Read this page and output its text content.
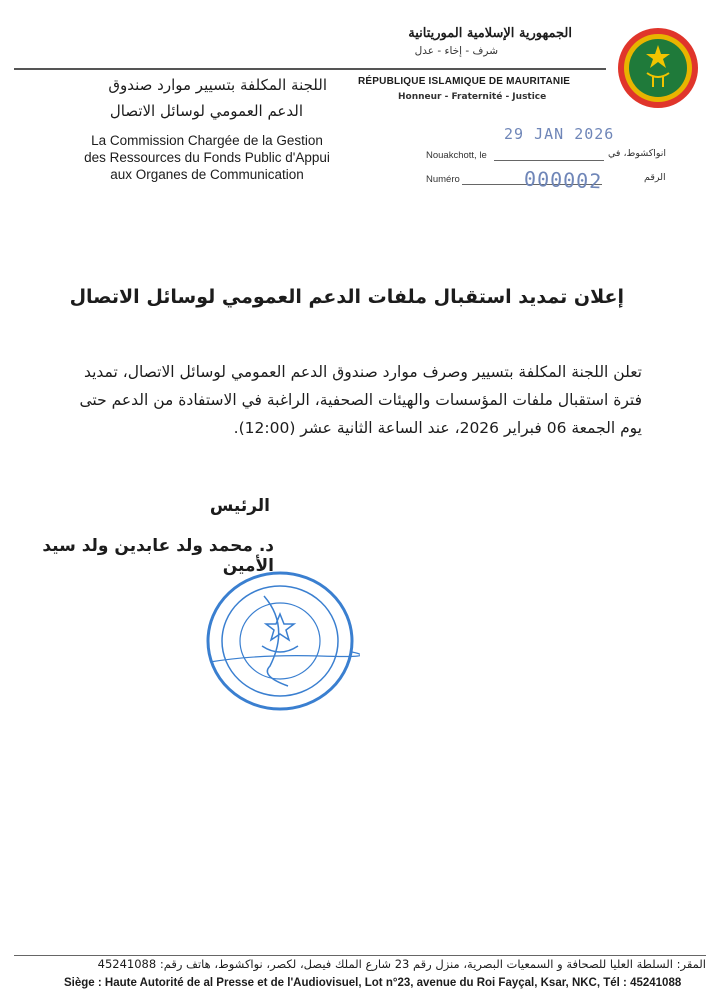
الجمهورية الإسلامية الموريتانية
شرف - إخاء - عدل
RÉPUBLIQUE ISLAMIQUE DE MAURITANIE
Honneur - Fraternité - Justice
اللجنة المكلفة بتسيير موارد صندوق
الدعم العمومي لوسائل الاتصال
La Commission Chargée de la Gestion
des Ressources du Fonds Public d'Appui
aux Organes de Communication
Nouakchott, le	انواكشوط، في
29 JAN 2026
Numéro	الرقم
000002
إعلان تمديد استقبال ملفات الدعم العمومي لوسائل الاتصال
تعلن اللجنة المكلفة بتسيير وصرف موارد صندوق الدعم العمومي لوسائل الاتصال، تمديد
فترة استقبال ملفات المؤسسات والهيئات الصحفية، الراغبة في الاستفادة من الدعم حتى
يوم الجمعة 06 فبراير 2026، عند الساعة الثانية عشر (12:00).
الرئيس
د. محمد ولد عابدين ولد سيد الأمين
المقر: السلطة العليا للصحافة و السمعيات البصرية، منزل رقم 23 شارع الملك فيصل، لكصر، نواكشوط، هاتف رقم: 45241088
Siège : Haute Autorité de al Presse et de l'Audiovisuel, Lot n°23, avenue du Roi Fayçal, Ksar, NKC, Tél : 45241088
